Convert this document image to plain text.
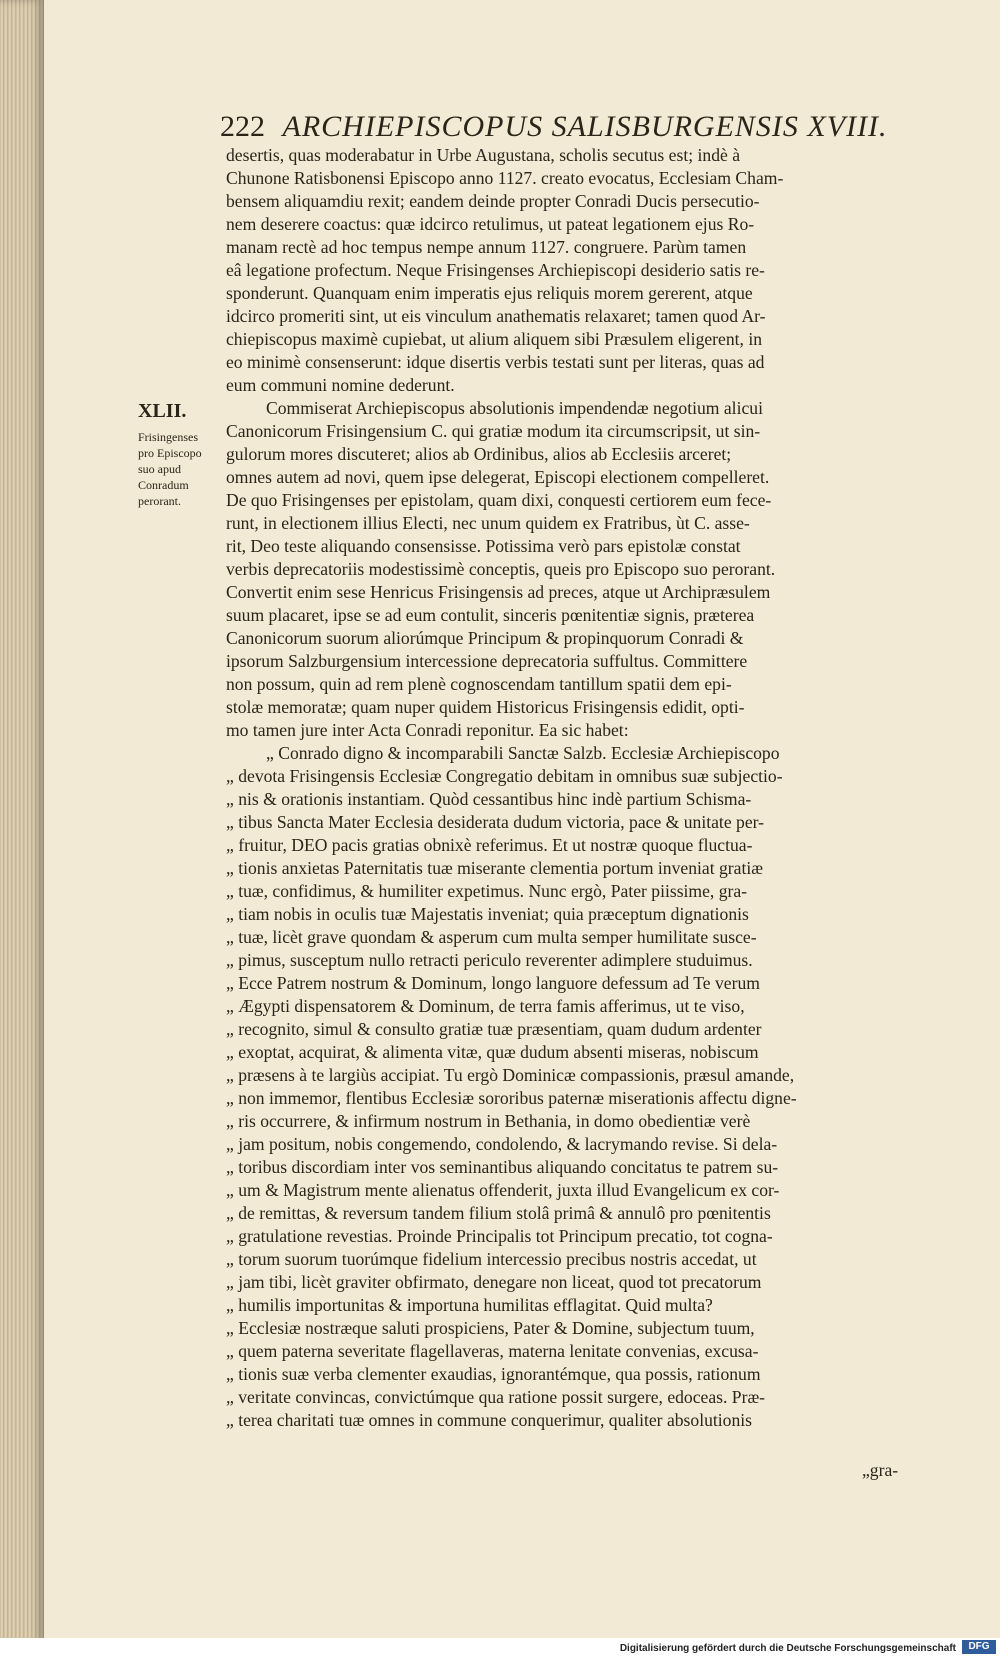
222 ARCHIEPISCOPUS SALISBURGENSIS XVIII.
XLII.
Frisingenses
pro Episcopo
suo apud
Conradum
perorant.
desertis, quas moderabatur in Urbe Augustana, scholis secutus est; indè à
Chunone Ratisbonensi Episcopo anno 1127. creato evocatus, Ecclesiam Cham-
bensem aliquamdiu rexit; eandem deinde propter Conradi Ducis persecutio-
nem deserere coactus: quæ idcirco retulimus, ut pateat legationem ejus Ro-
manam rectè ad hoc tempus nempe annum 1127. congruere. Parùm tamen
eâ legatione profectum. Neque Frisingenses Archiepiscopi desiderio satis re-
sponderunt. Quanquam enim imperatis ejus reliquis morem gererent, atque
idcirco promeriti sint, ut eis vinculum anathematis relaxaret; tamen quod Ar-
chiepiscopus maximè cupiebat, ut alium aliquem sibi Præsulem eligerent, in
eo minimè consenserunt: idque disertis verbis testati sunt per literas, quas ad
eum communi nomine dederunt.
Commiserat Archiepiscopus absolutionis impendendæ negotium alicui
Canonicorum Frisingensium C. qui gratiæ modum ita circumscripsit, ut sin-
gulorum mores discuteret; alios ab Ordinibus, alios ab Ecclesiis arceret;
omnes autem ad novi, quem ipse delegerat, Episcopi electionem compelleret.
De quo Frisingenses per epistolam, quam dixi, conquesti certiorem eum fece-
runt, in electionem illius Electi, nec unum quidem ex Fratribus, ùt C. asse-
rit, Deo teste aliquando consensisse. Potissima verò pars epistolæ constat
verbis deprecatoriis modestissimè conceptis, queis pro Episcopo suo perorant.
Convertit enim sese Henricus Frisingensis ad preces, atque ut Archipræsulem
suum placaret, ipse se ad eum contulit, sinceris pœnitentiæ signis, præterea
Canonicorum suorum aliorúmque Principum & propinquorum Conradi &
ipsorum Salzburgensium intercessione deprecatoria suffultus. Committere
non possum, quin ad rem plenè cognoscendam tantillum spatii dem epi-
stolæ memoratæ; quam nuper quidem Historicus Frisingensis edidit, opti-
mo tamen jure inter Acta Conradi reponitur. Ea sic habet:
„ Conrado digno & incomparabili Sanctæ Salzb. Ecclesiæ Archiepiscopo
„ devota Frisingensis Ecclesiæ Congregatio debitam in omnibus suæ subjectio-
„ nis & orationis instantiam. Quòd cessantibus hinc indè partium Schisma-
„ tibus Sancta Mater Ecclesia desiderata dudum victoria, pace & unitate per-
„ fruitur, DEO pacis gratias obnixè referimus. Et ut nostræ quoque fluctua-
„ tionis anxietas Paternitatis tuæ miserante clementia portum inveniat gratiæ
„ tuæ, confidimus, & humiliter expetimus. Nunc ergò, Pater piissime, gra-
„ tiam nobis in oculis tuæ Majestatis inveniat; quia præceptum dignationis
„ tuæ, licèt grave quondam & asperum cum multa semper humilitate susce-
„ pimus, susceptum nullo retracti periculo reverenter adimplere studuimus.
„ Ecce Patrem nostrum & Dominum, longo languore defessum ad Te verum
„ Ægypti dispensatorem & Dominum, de terra famis afferimus, ut te viso,
„ recognito, simul & consulto gratiæ tuæ præsentiam, quam dudum ardenter
„ exoptat, acquirat, & alimenta vitæ, quæ dudum absenti miseras, nobiscum
„ præsens à te largiùs accipiat. Tu ergò Dominicæ compassionis, præsul amande,
„ non immemor, flentibus Ecclesiæ sororibus paternæ miserationis affectu digne-
„ ris occurrere, & infirmum nostrum in Bethania, in domo obedientiæ verè
„ jam positum, nobis congemendo, condolendo, & lacrymando revise. Si dela-
„ toribus discordiam inter vos seminantibus aliquando concitatus te patrem su-
„ um & Magistrum mente alienatus offenderit, juxta illud Evangelicum ex cor-
„ de remittas, & reversum tandem filium stolâ primâ & annulô pro pœnitentis
„ gratulatione revestias. Proinde Principalis tot Principum precatio, tot cogna-
„ torum suorum tuorúmque fidelium intercessio precibus nostris accedat, ut
„ jam tibi, licèt graviter obfirmato, denegare non liceat, quod tot precatorum
„ humilis importunitas & importuna humilitas efflagitat. Quid multa?
„ Ecclesiæ nostræque saluti prospiciens, Pater & Domine, subjectum tuum,
„ quem paterna severitate flagellaveras, materna lenitate convenias, excusa-
„ tionis suæ verba clementer exaudias, ignorantémque, qua possis, rationum
„ veritate convincas, convictúmque qua ratione possit surgere, edoceas. Præ-
„ terea charitati tuæ omnes in commune conquerimur, qualiter absolutionis
„gra-
Digitalisierung gefördert durch die Deutsche Forschungsgemeinschaft	DFG
